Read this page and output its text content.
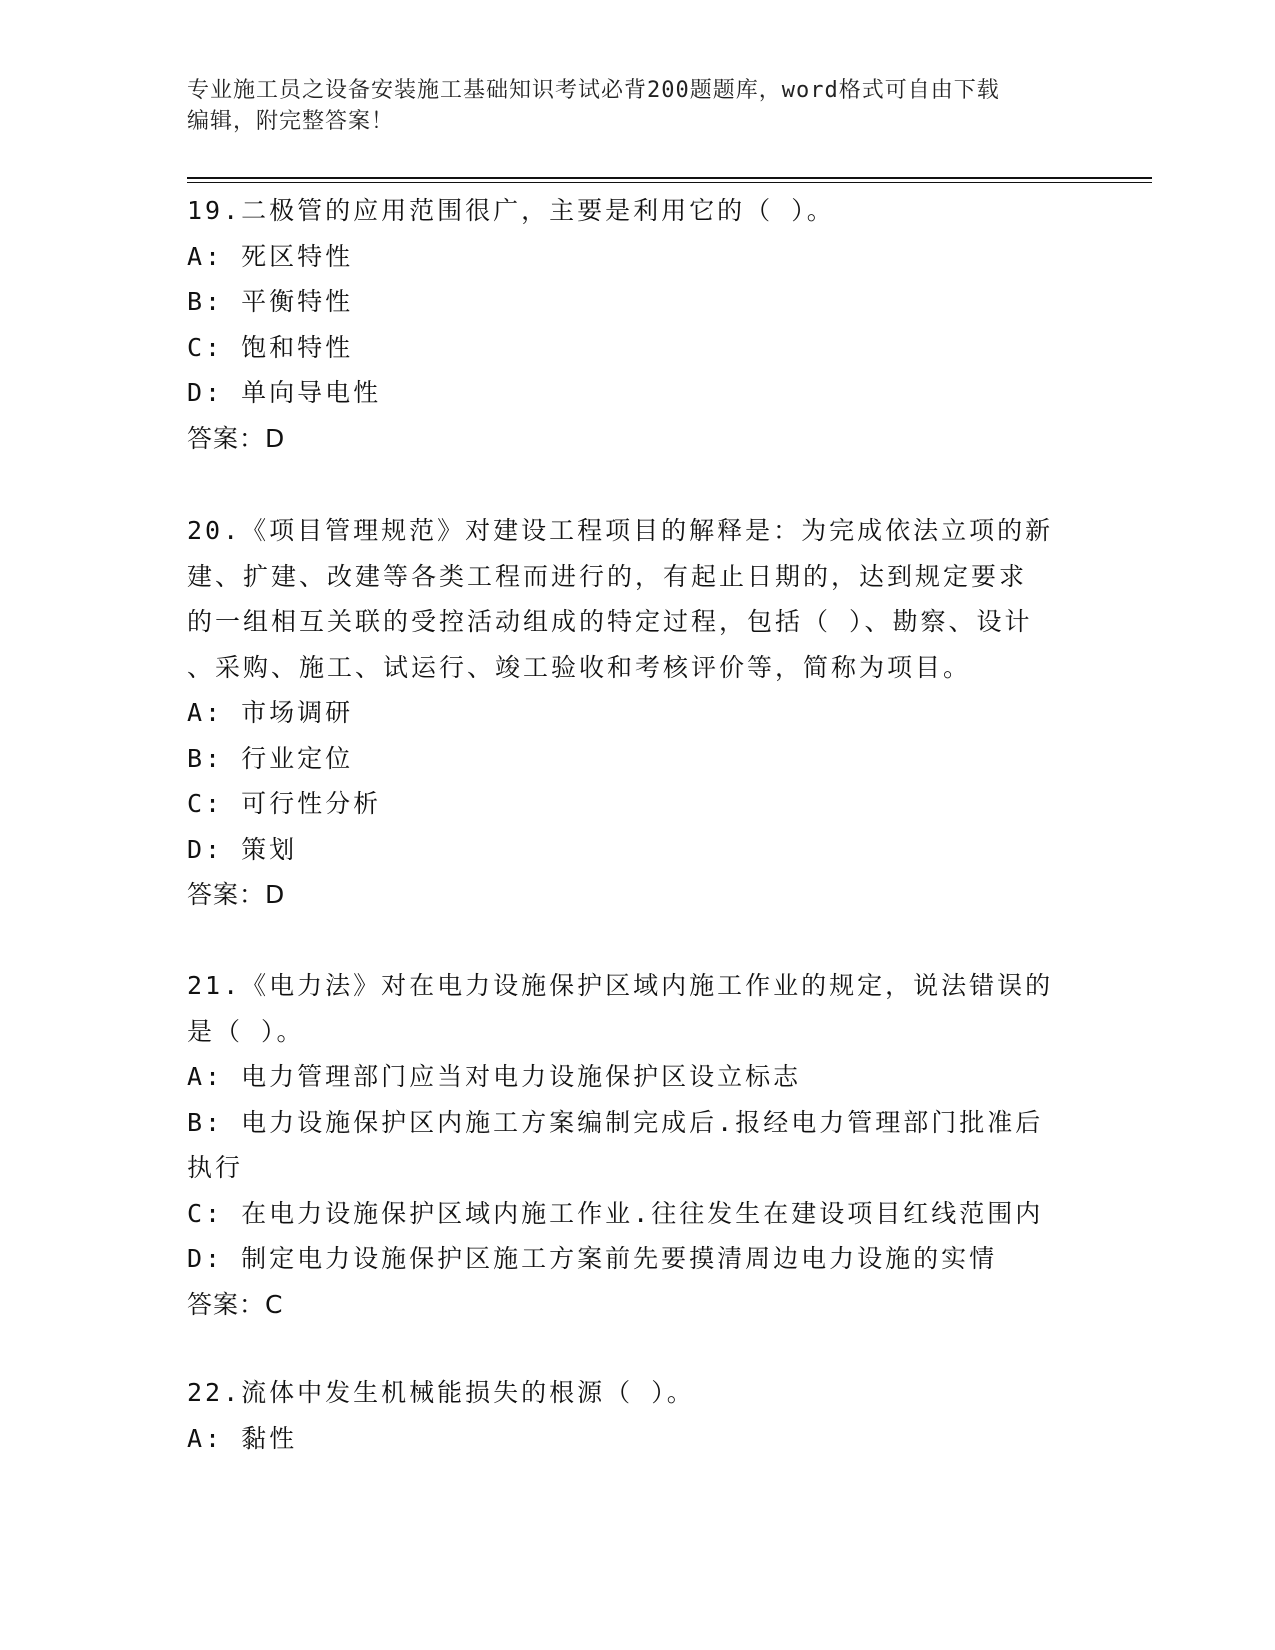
专业施工员之设备安装施工基础知识考试必背200题题库，word格式可自由下载
编辑，附完整答案！
19.二极管的应用范围很广，主要是利用它的（ ）。
A: 死区特性
B: 平衡特性
C: 饱和特性
D: 单向导电性
答案：D
20.《项目管理规范》对建设工程项目的解释是：为完成依法立项的新
建、扩建、改建等各类工程而进行的，有起止日期的，达到规定要求
的一组相互关联的受控活动组成的特定过程，包括（ ）、勘察、设计
、采购、施工、试运行、竣工验收和考核评价等，简称为项目。
A: 市场调研
B: 行业定位
C: 可行性分析
D: 策划
答案：D
21.《电力法》对在电力设施保护区域内施工作业的规定，说法错误的
是（ ）。
A: 电力管理部门应当对电力设施保护区设立标志
B: 电力设施保护区内施工方案编制完成后.报经电力管理部门批准后
执行
C: 在电力设施保护区域内施工作业.往往发生在建设项目红线范围内
D: 制定电力设施保护区施工方案前先要摸清周边电力设施的实情
答案：C
22.流体中发生机械能损失的根源（ ）。
A: 黏性
